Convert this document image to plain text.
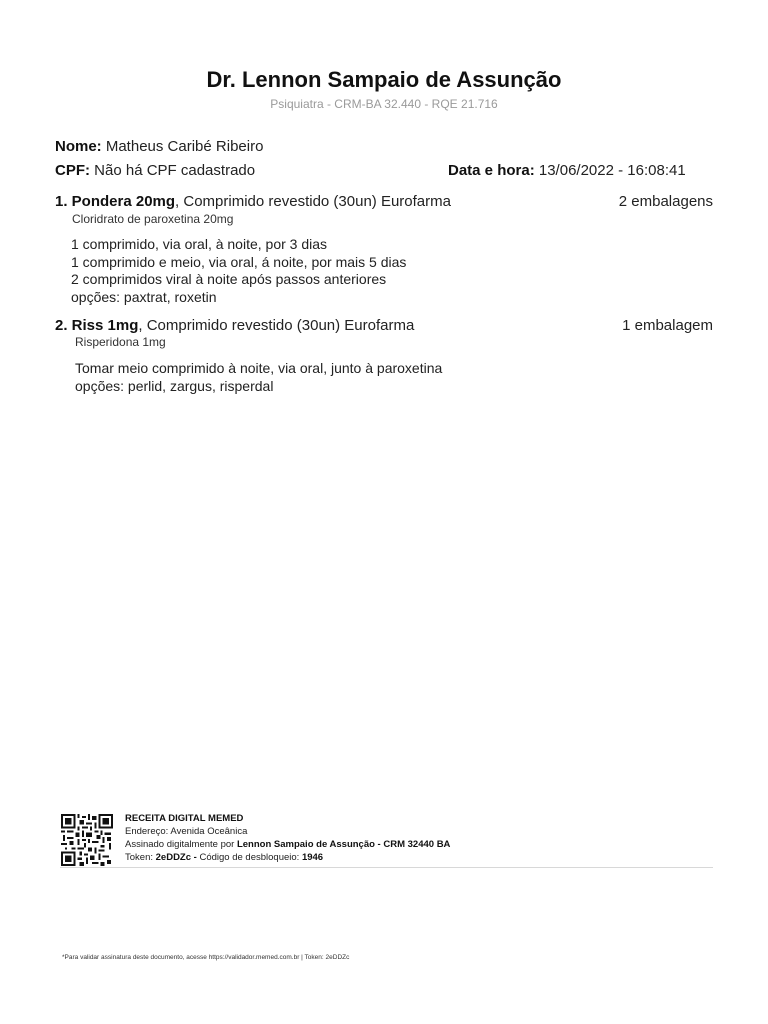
Dr. Lennon Sampaio de Assunção
Psiquiatra - CRM-BA 32.440 - RQE 21.716
Nome: Matheus Caribé Ribeiro
CPF: Não há CPF cadastrado	Data e hora: 13/06/2022 - 16:08:41
1. Pondera 20mg, Comprimido revestido (30un) Eurofarma	2 embalagens
Cloridrato de paroxetina 20mg
1 comprimido, via oral, à noite, por 3 dias
1 comprimido e meio, via oral, á noite, por mais 5 dias
2 comprimidos viral à noite após passos anteriores
opções: paxtrat, roxetin
2. Riss 1mg, Comprimido revestido (30un) Eurofarma	1 embalagem
Risperidona 1mg
Tomar meio comprimido à noite, via oral, junto à paroxetina
opções: perlid, zargus, risperdal
RECEITA DIGITAL MEMED
Endereço: Avenida Oceânica
Assinado digitalmente por Lennon Sampaio de Assunção - CRM 32440 BA
Token: 2eDDZc - Código de desbloqueio: 1946
*Para validar assinatura deste documento, acesse https://validador.memed.com.br | Token: 2eDDZc
